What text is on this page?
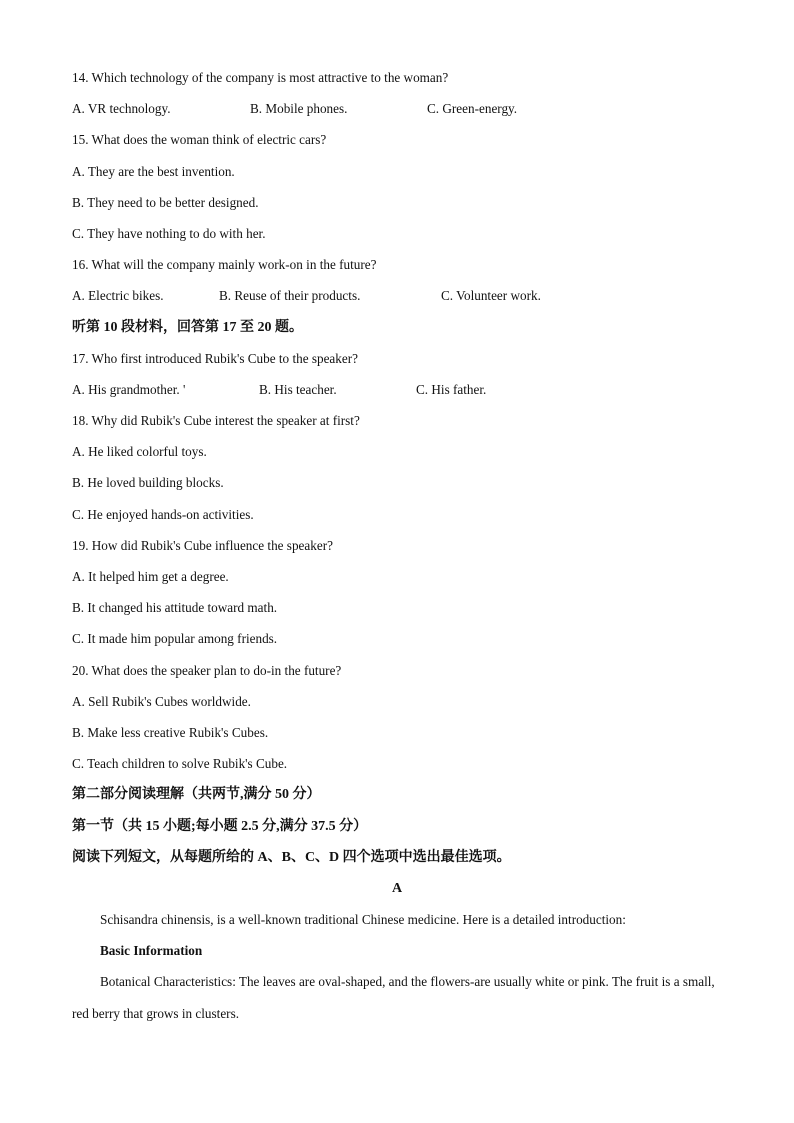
14. Which technology of the company is most attractive to the woman?
A. VR technology.	B. Mobile phones.	C. Green-energy.
15. What does the woman think of electric cars?
A. They are the best invention.
B. They need to be better designed.
C. They have nothing to do with her.
16. What will the company mainly work-on in the future?
A. Electric bikes.	B. Reuse of their products.	C. Volunteer work.
听第 10 段材料，回答第 17 至 20 题。
17. Who first introduced Rubik's Cube to the speaker?
A. His grandmother. '	B. His teacher.	C. His father.
18. Why did Rubik's Cube interest the speaker at first?
A. He liked colorful toys.
B. He loved building blocks.
C. He enjoyed hands-on activities.
19. How did Rubik's Cube influence the speaker?
A. It helped him get a degree.
B. It changed his attitude toward math.
C. It made him popular among friends.
20. What does the speaker plan to do-in the future?
A. Sell Rubik's Cubes worldwide.
B. Make less creative Rubik's Cubes.
C. Teach children to solve Rubik's Cube.
第二部分阅读理解（共两节,满分 50 分）
第一节（共 15 小题;每小题 2.5 分,满分 37.5 分）
阅读下列短文，从每题所给的 A、B、C、D 四个选项中选出最佳选项。
A
Schisandra chinensis, is a well-known traditional Chinese medicine. Here is a detailed introduction:
Basic Information
Botanical Characteristics: The leaves are oval-shaped, and the flowers-are usually white or pink. The fruit is a small, red berry that grows in clusters.
